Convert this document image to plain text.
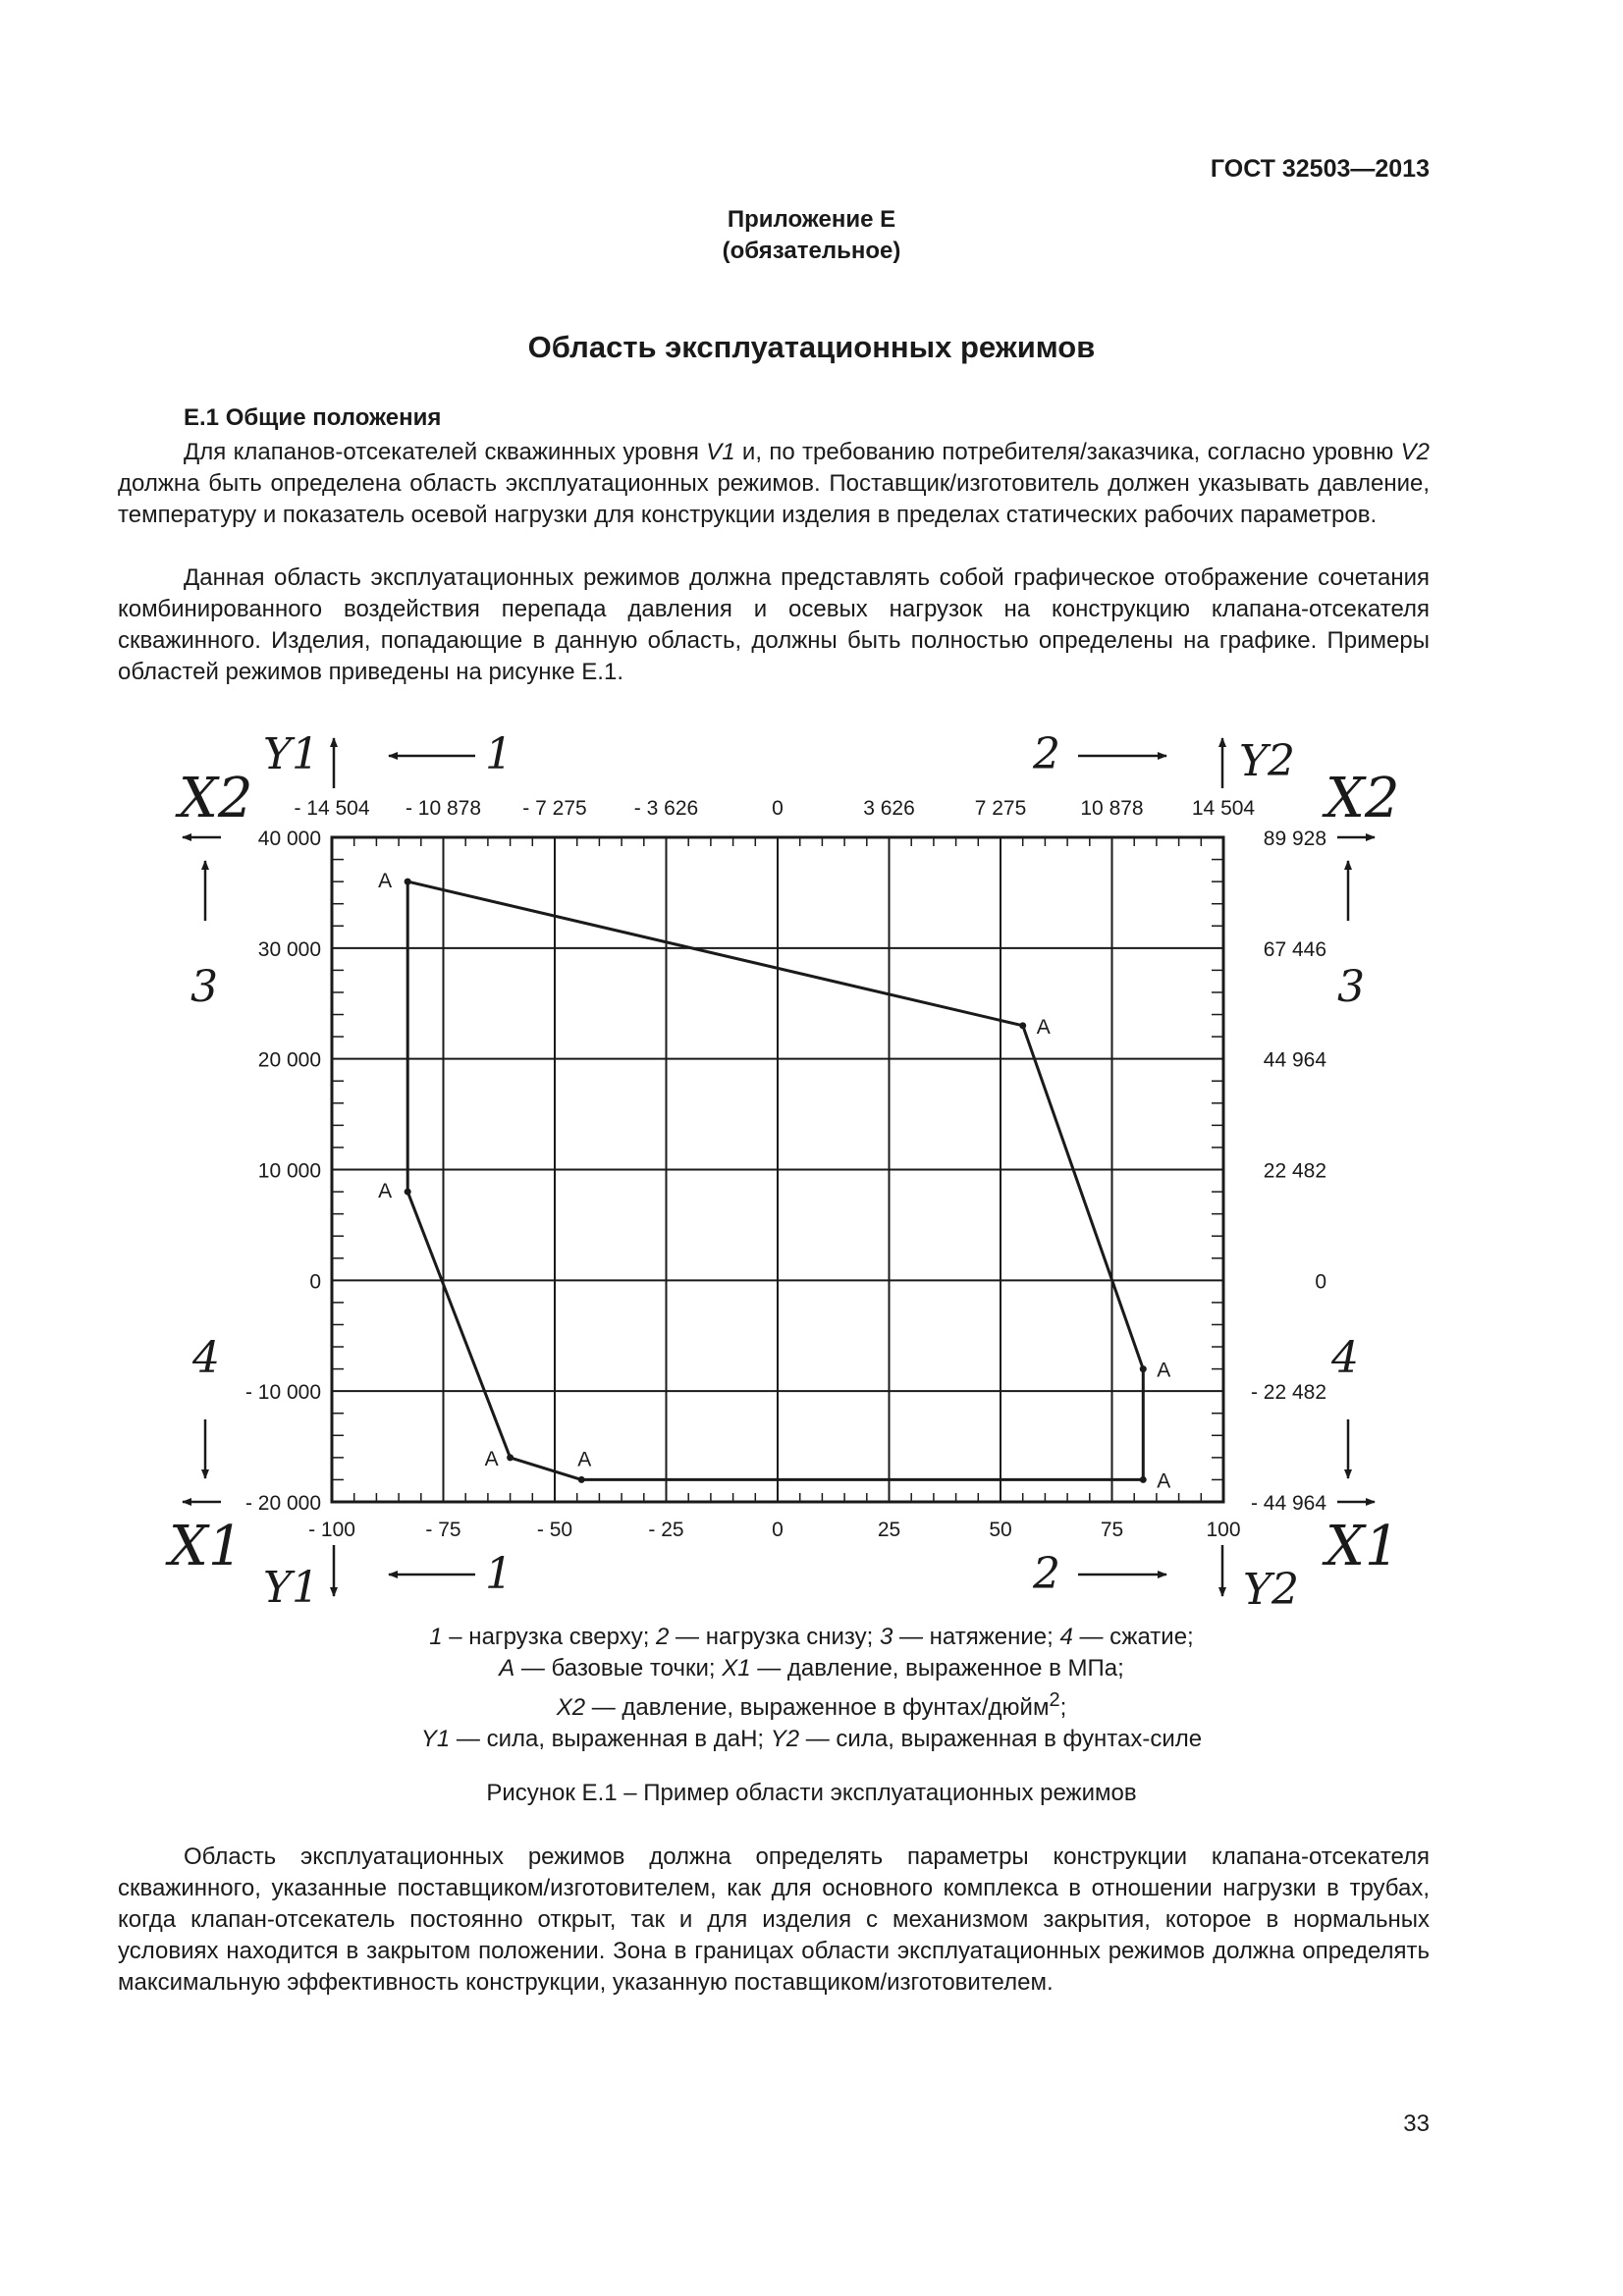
ГОСТ 32503—2013
Приложение Е
(обязательное)
Область эксплуатационных режимов
Е.1 Общие положения
Для клапанов-отсекателей скважинных уровня V1 и, по требованию потребителя/заказчика, согласно уровню V2 должна быть определена область эксплуатационных режимов. Поставщик/изготовитель должен указывать давление, температуру и показатель осевой нагрузки для конструкции изделия в пределах статических рабочих параметров.
Данная область эксплуатационных режимов должна представлять собой графическое отображение сочетания комбинированного воздействия перепада давления и осевых нагрузок на конструкцию клапана-отсекателя скважинного. Изделия, попадающие в данную область, должны быть полностью определены на графике. Примеры областей режимов приведены на рисунке Е.1.
- 100
- 14 504
- 75
- 10 878
- 50
- 7 275
- 25
- 3 626
0
0
25
3 626
50
7 275
75
10 878
100
14 504
40 000	89 928
30 000	67 446
20 000	44 964
10 000	22 482
0	0
- 10 000	- 22 482
- 20 000	- 44 964
A
A
A
A
A
A
A
Y1	1	2	Y2
X2	X2
3	3
4	4
X1	X1
Y1	1	2	Y2
1 – нагрузка сверху; 2 — нагрузка снизу; 3 — натяжение; 4 — сжатие;
А — базовые точки; X1 — давление, выраженное в МПа;
X2 — давление, выраженное в фунтах/дюйм$^2$;
Y1 — сила, выраженная в даН; Y2 — сила, выраженная в фунтах-силе
Рисунок Е.1 – Пример области эксплуатационных режимов
Область эксплуатационных режимов должна определять параметры конструкции клапана-отсекателя скважинного, указанные поставщиком/изготовителем, как для основного комплекса в отношении нагрузки в трубах, когда клапан-отсекатель постоянно открыт, так и для изделия с механизмом закрытия, которое в нормальных условиях находится в закрытом положении. Зона в границах области эксплуатационных режимов должна определять максимальную эффективность конструкции, указанную поставщиком/изготовителем.
33
